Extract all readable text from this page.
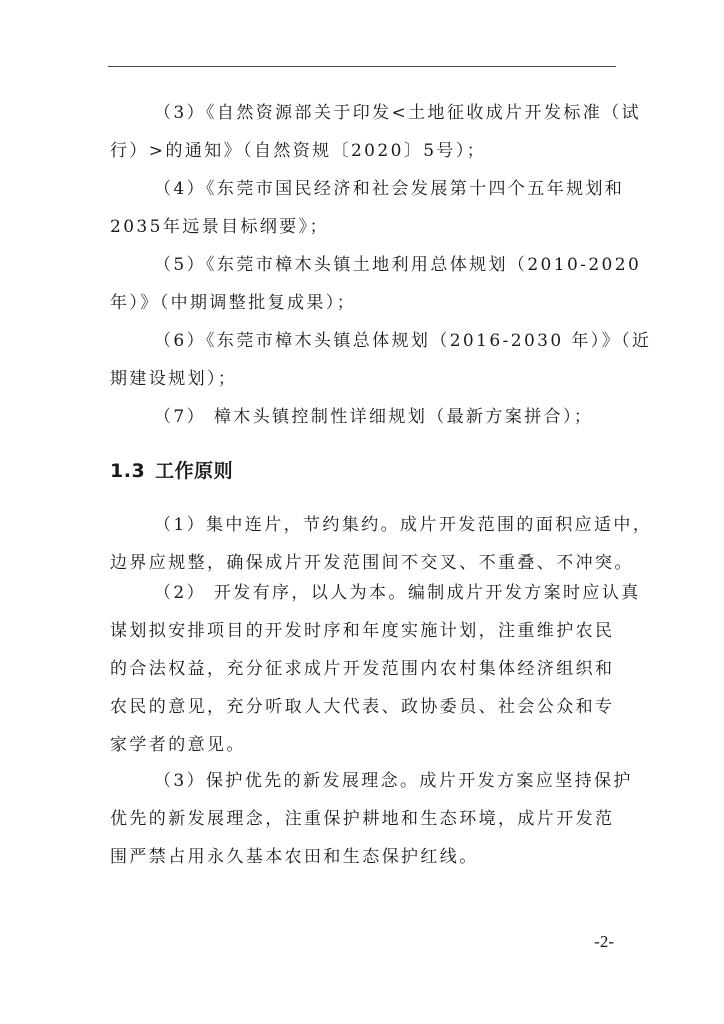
（3）《自然资源部关于印发<土地征收成片开发标准（试
行）>的通知》（自然资规〔2020〕5号）；
（4）《东莞市国民经济和社会发展第十四个五年规划和
2035年远景目标纲要》；
（5）《东莞市樟木头镇土地利用总体规划（2010-2020
年）》（中期调整批复成果）；
（6）《东莞市樟木头镇总体规划（2016-2030 年）》（近
期建设规划）；
（7） 樟木头镇控制性详细规划（最新方案拼合）；
1.3 工作原则
（1）集中连片，节约集约。成片开发范围的面积应适中，
边界应规整，确保成片开发范围间不交叉、不重叠、不冲突。
（2） 开发有序，以人为本。编制成片开发方案时应认真
谋划拟安排项目的开发时序和年度实施计划，注重维护农民
的合法权益，充分征求成片开发范围内农村集体经济组织和
农民的意见，充分听取人大代表、政协委员、社会公众和专
家学者的意见。
（3）保护优先的新发展理念。成片开发方案应坚持保护
优先的新发展理念，注重保护耕地和生态环境，成片开发范
围严禁占用永久基本农田和生态保护红线。
-2-
